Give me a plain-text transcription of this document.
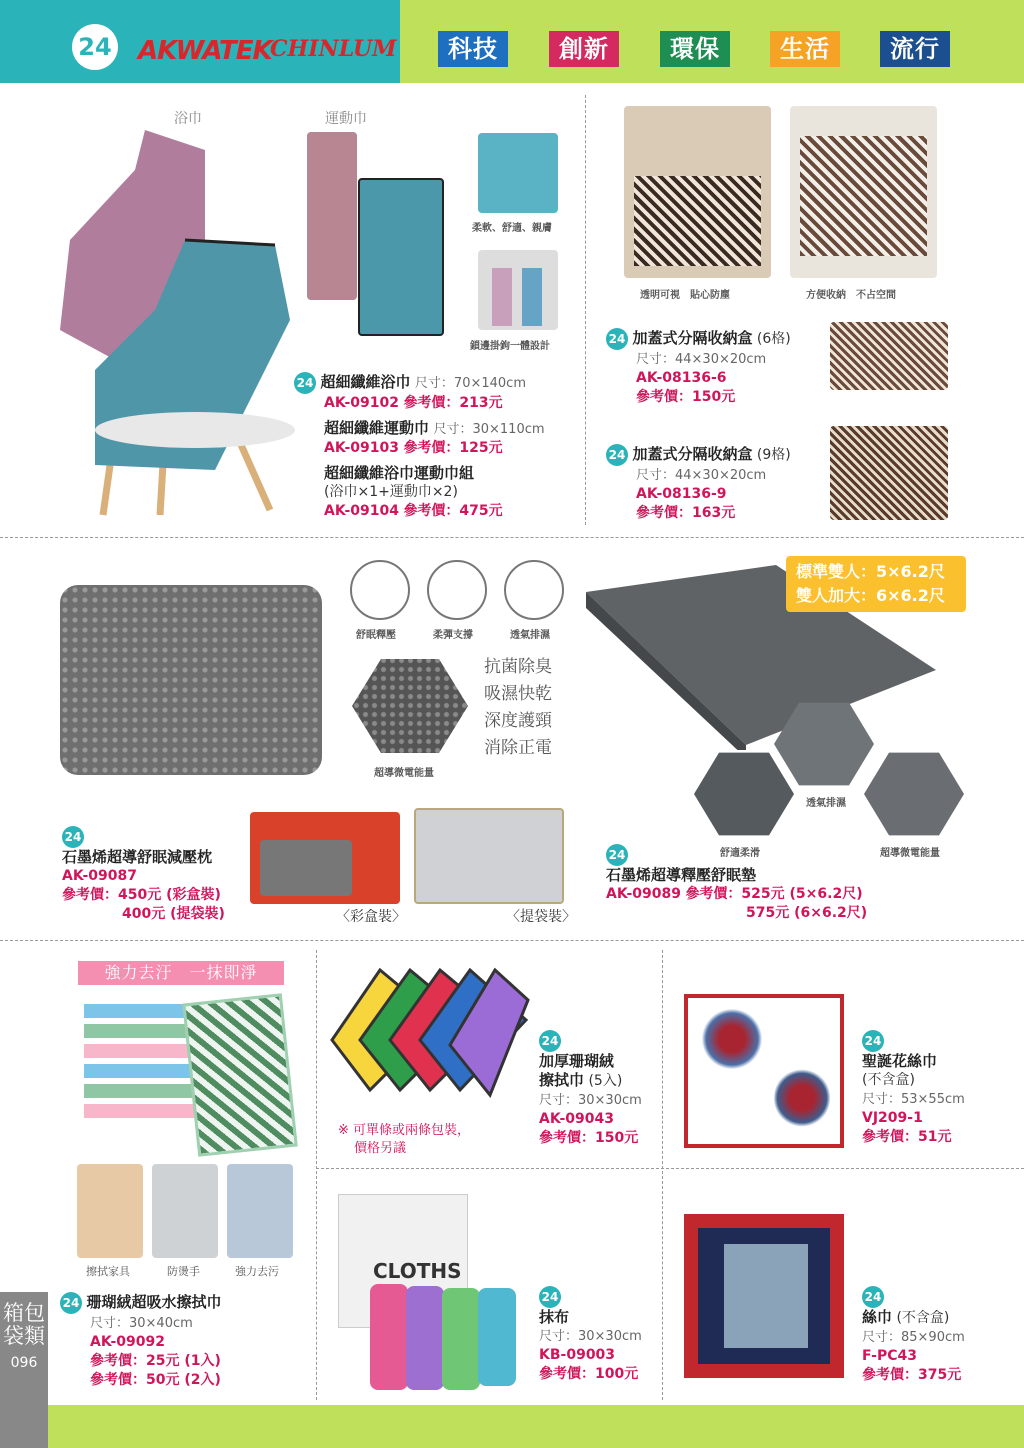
24 AKWATEK
CHINLUM	科技	創新	環保	生活	流行
浴巾	運動巾
柔軟、舒適、親膚
鎖邊掛鉤一體設計
24 超細纖維浴巾 尺寸：70×140cm
AK-09102 參考價：213元
超細纖維運動巾 尺寸：30×110cm
AK-09103 參考價：125元
超細纖維浴巾運動巾組
(浴巾×1+運動巾×2)
AK-09104 參考價：475元
透明可視　貼心防塵	方便收納　不占空間
24 加蓋式分隔收納盒 (6格)
尺寸：44×30×20cm
AK-08136-6
參考價：150元
24 加蓋式分隔收納盒 (9格)
尺寸：44×30×20cm
AK-08136-9
參考價：163元
舒眠釋壓	柔彈支撐	透氣排濕
超導微電能量
抗菌除臭
吸濕快乾
深度護頸
消除正電
24
石墨烯超導舒眠減壓枕
AK-09087
參考價：450元 (彩盒裝)
400元 (提袋裝)	〈彩盒裝〉	〈提袋裝〉
標準雙人：5×6.2尺
雙人加大：6×6.2尺
透氣排濕
舒適柔滑	超導微電能量
24
石墨烯超導釋壓舒眠墊
AK-09089 參考價：525元 (5×6.2尺)
575元 (6×6.2尺)
強力去汙　一抹即淨
擦拭家具	防燙手	強力去污
24 珊瑚絨超吸水擦拭巾
尺寸：30×40cm
AK-09092
參考價：25元 (1入)
參考價：50元 (2入)
※ 可單條或兩條包裝，
價格另議
24
加厚珊瑚絨
擦拭巾 (5入)
尺寸：30×30cm
AK-09043
參考價：150元
24
聖誕花絲巾
(不含盒)
尺寸：53×55cm
VJ209-1
參考價：51元
CLOTHS
24
抹布
尺寸：30×30cm
KB-09003
參考價：100元
24
絲巾 (不含盒)
尺寸：85×90cm
F-PC43
參考價：375元
箱包袋類
096
